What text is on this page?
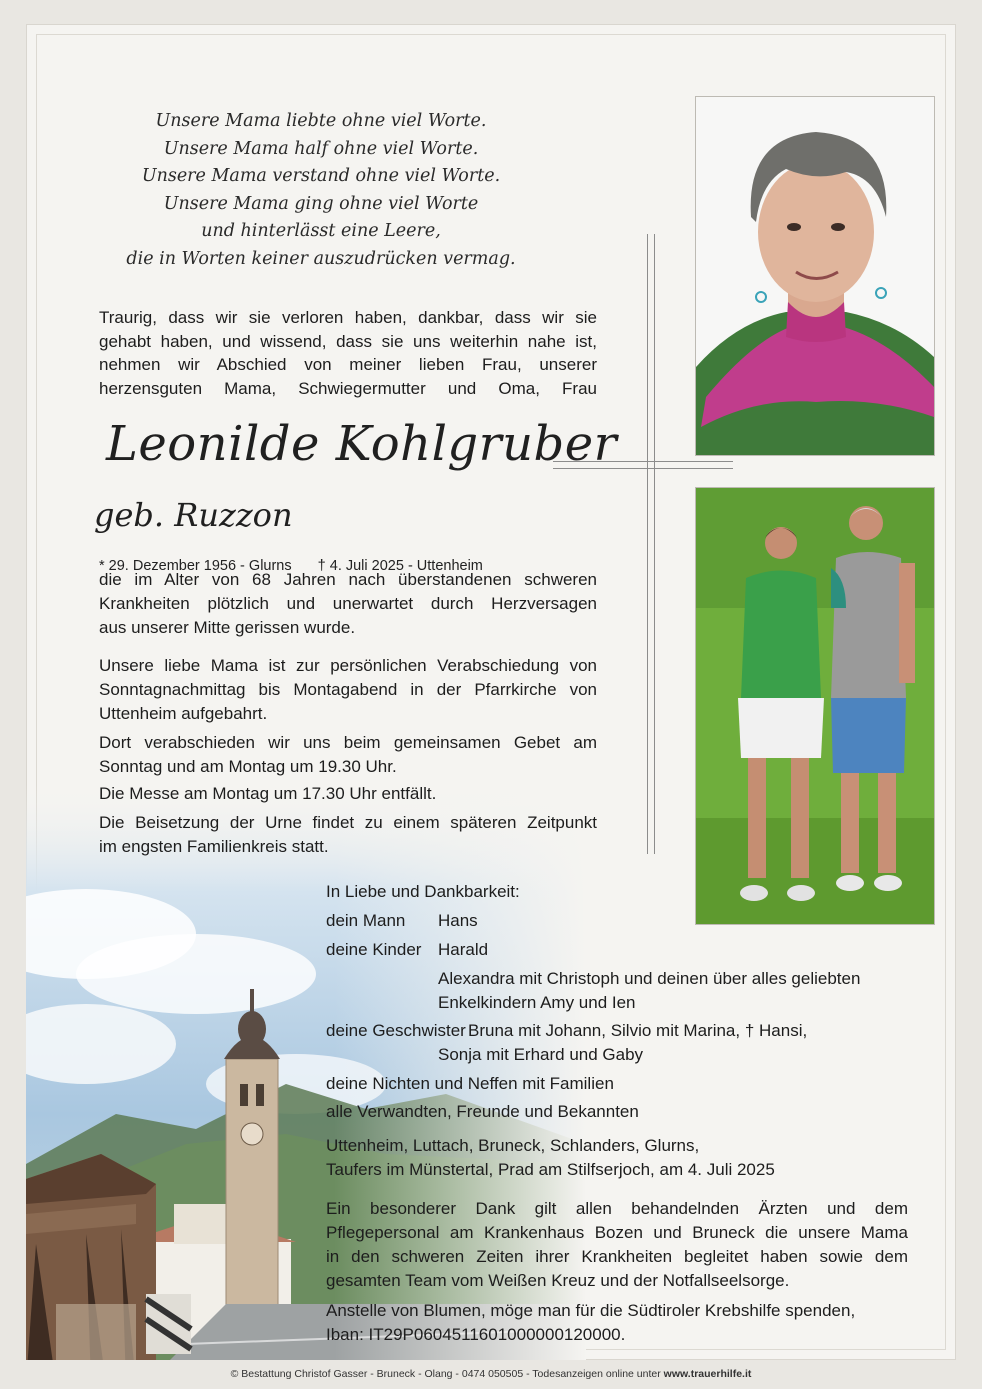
Unsere Mama liebte ohne viel Worte.
Unsere Mama half ohne viel Worte.
Unsere Mama verstand ohne viel Worte.
Unsere Mama ging ohne viel Worte
und hinterlässt eine Leere,
die in Worten keiner auszudrücken vermag.
Traurig, dass wir sie verloren haben, dankbar, dass wir sie
gehabt haben, und wissend, dass sie uns weiterhin nahe ist,
nehmen wir Abschied von meiner lieben Frau, unserer
herzensguten Mama, Schwiegermutter und Oma, Frau
Leonilde Kohlgruber
geb. Ruzzon
* 29. Dezember 1956 - Glurns † 4. Juli 2025 - Uttenheim
die im Alter von 68 Jahren nach überstandenen schweren
Krankheiten plötzlich und unerwartet durch Herzversagen
aus unserer Mitte gerissen wurde.
Unsere liebe Mama ist zur persönlichen Verabschiedung von
Sonntagnachmittag bis Montagabend in der Pfarrkirche von
Uttenheim aufgebahrt.
Dort verabschieden wir uns beim gemeinsamen Gebet am
Sonntag und am Montag um 19.30 Uhr.
Die Messe am Montag um 17.30 Uhr entfällt.
Die Beisetzung der Urne findet zu einem späteren Zeitpunkt
im engsten Familienkreis statt.
In Liebe und Dankbarkeit:
dein Mann Hans
deine Kinder Harald
Alexandra mit Christoph und deinen über alles geliebten
Enkelkindern Amy und Ien
deine Geschwister Bruna mit Johann, Silvio mit Marina, † Hansi,
Sonja mit Erhard und Gaby
deine Nichten und Neffen mit Familien
alle Verwandten, Freunde und Bekannten
Uttenheim, Luttach, Bruneck, Schlanders, Glurns,
Taufers im Münstertal, Prad am Stilfserjoch, am 4. Juli 2025
Ein besonderer Dank gilt allen behandelnden Ärzten und dem
Pflegepersonal am Krankenhaus Bozen und Bruneck die unsere Mama
in den schweren Zeiten ihrer Krankheiten begleitet haben sowie dem
gesamten Team vom Weißen Kreuz und der Notfallseelsorge.
Anstelle von Blumen, möge man für die Südtiroler Krebshilfe spenden,
Iban: IT29P0604511601000000120000.
© Bestattung Christof Gasser - Bruneck - Olang - 0474 050505 - Todesanzeigen online unter www.trauerhilfe.it
